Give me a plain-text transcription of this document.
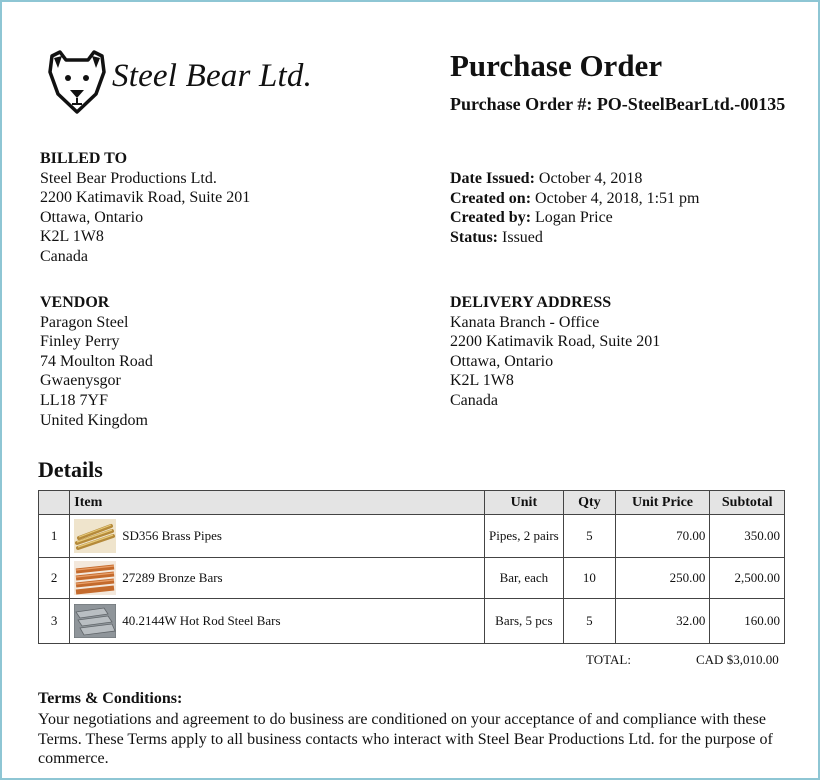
Steel Bear Ltd.	Purchase Order
Purchase Order #: PO-SteelBearLtd.-00135
BILLED TO
Steel Bear Productions Ltd.
2200 Katimavik Road, Suite 201
Ottawa, Ontario
K2L 1W8
Canada
Date Issued: October 4, 2018
Created on: October 4, 2018, 1:51 pm
Created by: Logan Price
Status: Issued
VENDOR
Paragon Steel
Finley Perry
74 Moulton Road
Gwaenysgor
LL18 7YF
United Kingdom
DELIVERY ADDRESS
Kanata Branch - Office
2200 Katimavik Road, Suite 201
Ottawa, Ontario
K2L 1W8
Canada
Details
	Item	Unit	Qty	Unit Price	Subtotal
1	SD356 Brass Pipes	Pipes, 2 pairs	5	70.00	350.00
2	27289 Bronze Bars	Bar, each	10	250.00	2,500.00
3	40.2144W Hot Rod Steel Bars	Bars, 5 pcs	5	32.00	160.00
TOTAL:	CAD $3,010.00
Terms & Conditions:
Your negotiations and agreement to do business are conditioned on your acceptance of and compliance with these Terms. These Terms apply to all business contacts who interact with Steel Bear Productions Ltd. for the purpose of commerce.
